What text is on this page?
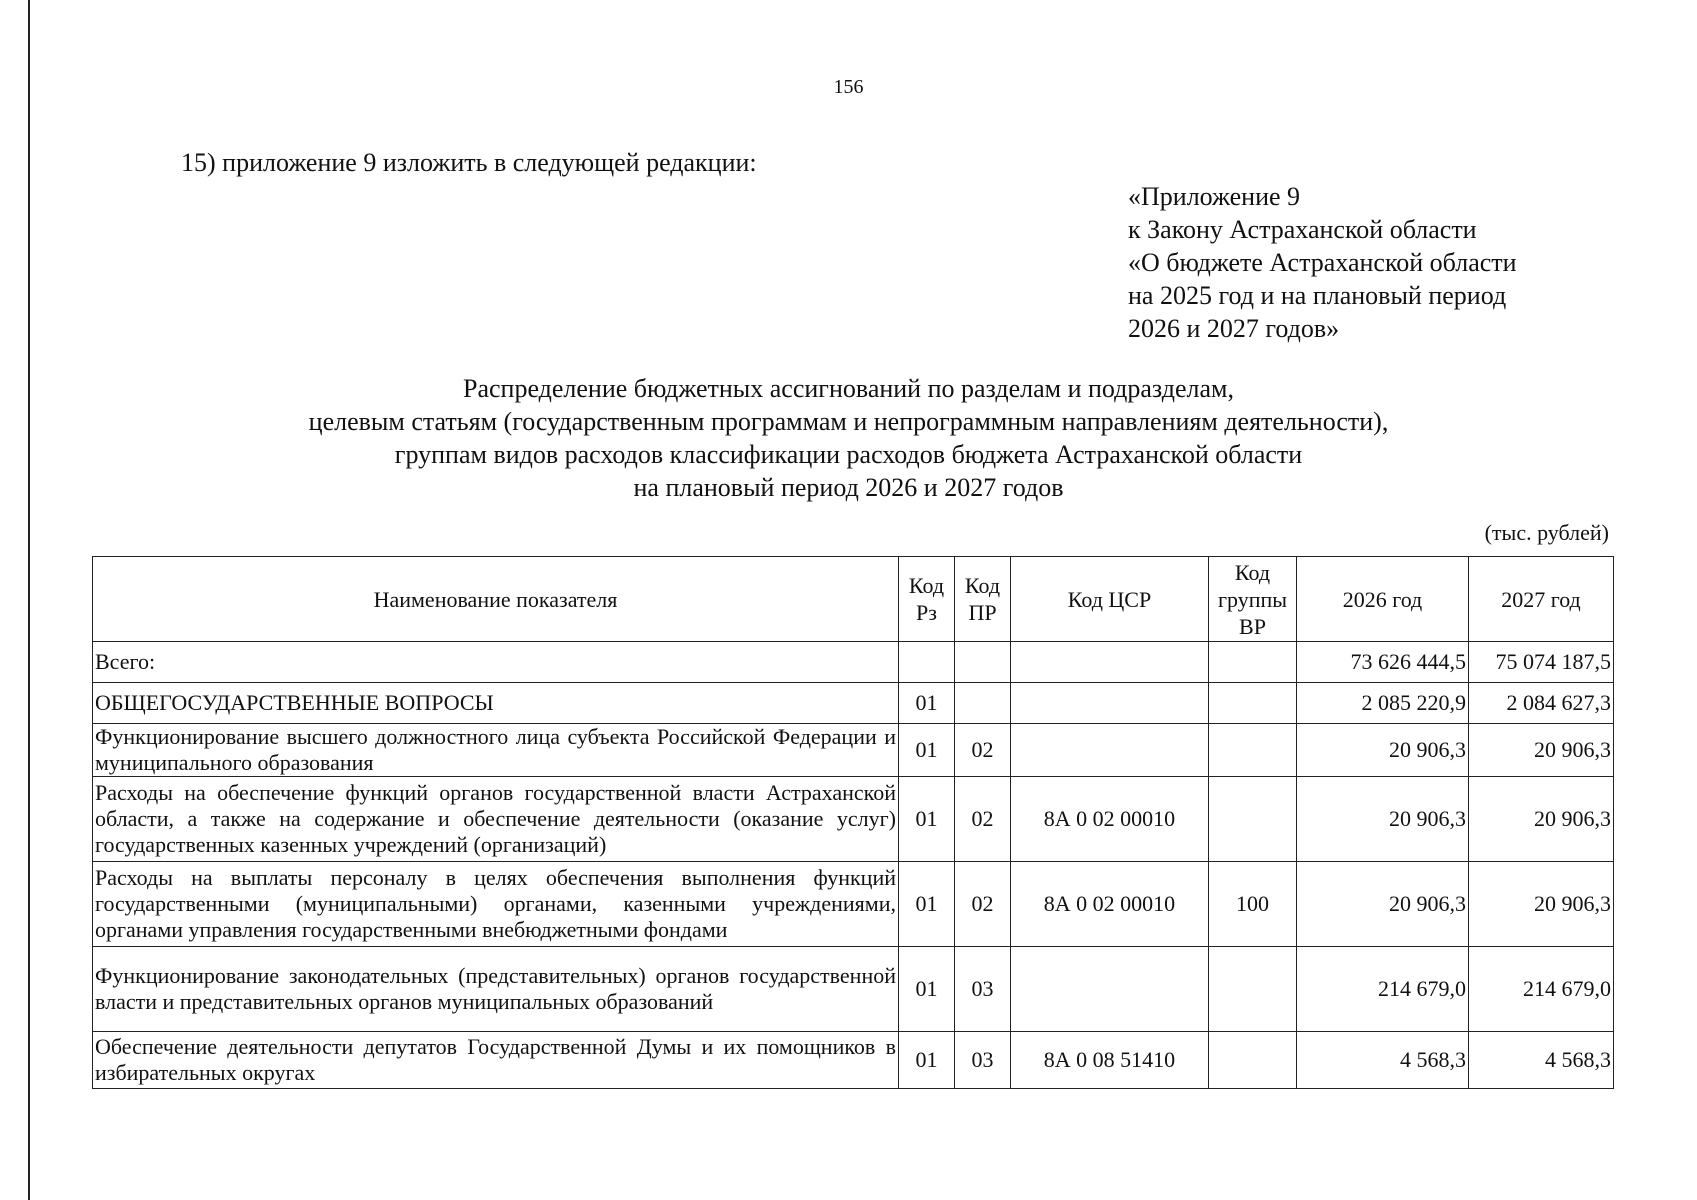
156
15) приложение 9 изложить в следующей редакции:
«Приложение 9
к Закону Астраханской области
«О бюджете Астраханской области
на 2025 год и на плановый период
2026 и 2027 годов»
Распределение бюджетных ассигнований по разделам и подразделам,
целевым статьям (государственным программам и непрограммным направлениям деятельности),
группам видов расходов классификации расходов бюджета Астраханской области
на плановый период 2026 и 2027 годов
(тыс. рублей)
Наименование показателя	Код Рз	Код ПР	Код ЦСР	Код группы ВР	2026 год	2027 год
Всего:					73 626 444,5	75 074 187,5
ОБЩЕГОСУДАРСТВЕННЫЕ ВОПРОСЫ	01				2 085 220,9	2 084 627,3
Функционирование высшего должностного лица субъекта Российской Федерации и муниципального образования	01	02			20 906,3	20 906,3
Расходы на обеспечение функций органов государственной власти Астраханской области, а также на содержание и обеспечение деятельности (оказание услуг) государственных казенных учреждений (организаций)	01	02	8А 0 02 00010		20 906,3	20 906,3
Расходы на выплаты персоналу в целях обеспечения выполнения функций государственными (муниципальными) органами, казенными учреждениями, органами управления государственными внебюджетными фондами	01	02	8А 0 02 00010	100	20 906,3	20 906,3
Функционирование законодательных (представительных) органов государственной власти и представительных органов муниципальных образований	01	03			214 679,0	214 679,0
Обеспечение деятельности депутатов Государственной Думы и их помощников в избирательных округах	01	03	8А 0 08 51410		4 568,3	4 568,3
